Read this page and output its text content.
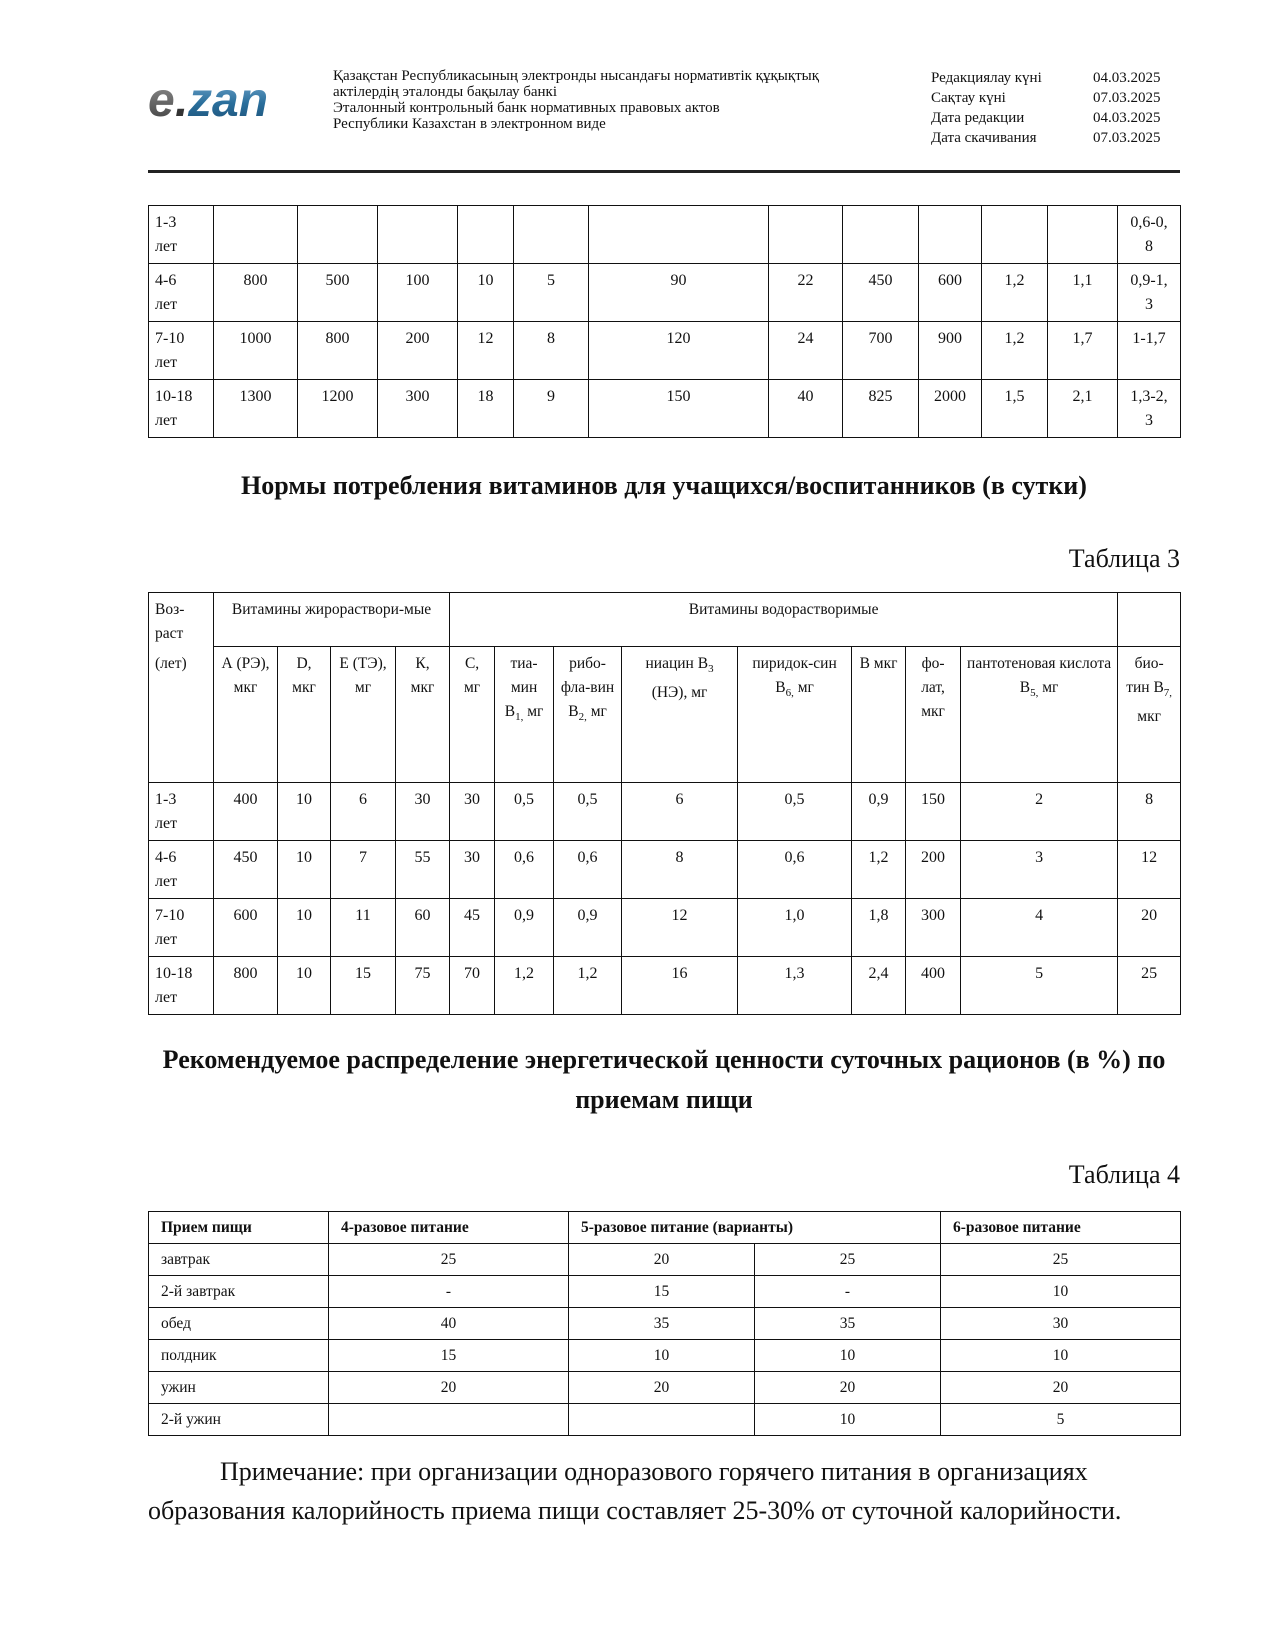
e . zan	Қазақстан Республикасының электронды нысандағы нормативтік құқықтық
актілердің эталонды бақылау банкі
Эталонный контрольный банк нормативных правовых актов
Республики Казахстан в электронном виде
Редакциялау күні	04.03.2025
Сақтау күні	07.03.2025
Дата редакции	04.03.2025
Дата скачивания	07.03.2025
1-3 лет												0,6-0,8

4-6 лет	800	500	100	10	5	90	22	450	600	1,2	1,1	0,9-1,3

7-10 лет	1000	800	200	12	8	120	24	700	900	1,2	1,7	1-1,7

10-18 лет	1300	1200	300	18	9	150	40	825	2000	1,5	2,1	1,3-2,3
Нормы потребления витаминов для учащихся/воспитанников (в сутки)
Таблица 3
Воз-раст
(лет)	Витамины жирораствори-мые				Витамины водорастворимые								
	А (РЭ), мкг	D, мкг	Е (ТЭ), мг	К, мкг	С, мг	тиа-мин $В_{1,}$ мг	рибо-фла-вин $В_{2,}$ мг	ниацин $В_3$ (НЭ), мг	пиридок-син $В_{6,}$ мг	В мкг	фо-лат, мкг	пантотеновая кислота $В_{5,}$ мг	био-тин $В_{7,}$ мкг

1-3 лет	400	10	6	30	30	0,5	0,5	6	0,5	0,9	150	2	8

4-6 лет	450	10	7	55	30	0,6	0,6	8	0,6	1,2	200	3	12

7-10 лет	600	10	11	60	45	0,9	0,9	12	1,0	1,8	300	4	20

10-18 лет	800	10	15	75	70	1,2	1,2	16	1,3	2,4	400	5	25
Рекомендуемое распределение энергетической ценности суточных рационов (в %) по приемам пищи
Таблица 4
Прием пищи	4-разовое питание	5-разовое питание (варианты)		6-разовое питание
завтрак	25	20	25	25
2-й завтрак	-	15	-	10
обед	40	35	35	30
полдник	15	10	10	10
ужин	20	20	20	20
2-й ужин			10	5
Примечание: при организации одноразового горячего питания в организациях образования калорийность приема пищи составляет 25-30% от суточной калорийности.
